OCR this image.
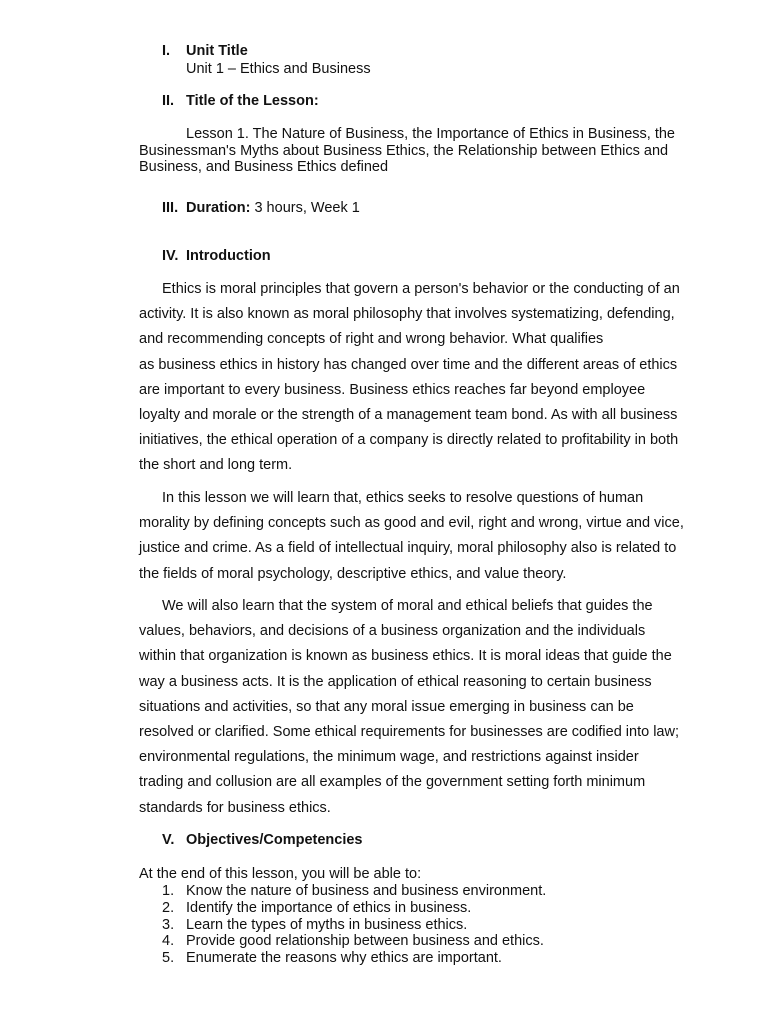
I. Unit Title
Unit 1 – Ethics and Business
II. Title of the Lesson:
Lesson 1. The Nature of Business, the Importance of Ethics in Business, the
Businessman's Myths about Business Ethics, the Relationship between Ethics and
Business, and Business Ethics defined
III. Duration: 3 hours, Week 1
IV. Introduction
Ethics is moral principles that govern a person's behavior or the conducting of an
activity. It is also known as moral philosophy that involves systematizing, defending,
and recommending concepts of right and wrong behavior. What qualifies
as business ethics in history has changed over time and the different areas of ethics
are important to every business. Business ethics reaches far beyond employee
loyalty and morale or the strength of a management team bond. As with all business
initiatives, the ethical operation of a company is directly related to profitability in both
the short and long term.
In this lesson we will learn that, ethics seeks to resolve questions of human
morality by defining concepts such as good and evil, right and wrong, virtue and vice,
justice and crime. As a field of intellectual inquiry, moral philosophy also is related to
the fields of moral psychology, descriptive ethics, and value theory.
We will also learn that the system of moral and ethical beliefs that guides the
values, behaviors, and decisions of a business organization and the individuals
within that organization is known as business ethics. It is moral ideas that guide the
way a business acts. It is the application of ethical reasoning to certain business
situations and activities, so that any moral issue emerging in business can be
resolved or clarified. Some ethical requirements for businesses are codified into law;
environmental regulations, the minimum wage, and restrictions against insider
trading and collusion are all examples of the government setting forth minimum
standards for business ethics.
V. Objectives/Competencies
At the end of this lesson, you will be able to:
1. Know the nature of business and business environment.
2. Identify the importance of ethics in business.
3. Learn the types of myths in business ethics.
4. Provide good relationship between business and ethics.
5. Enumerate the reasons why ethics are important.
